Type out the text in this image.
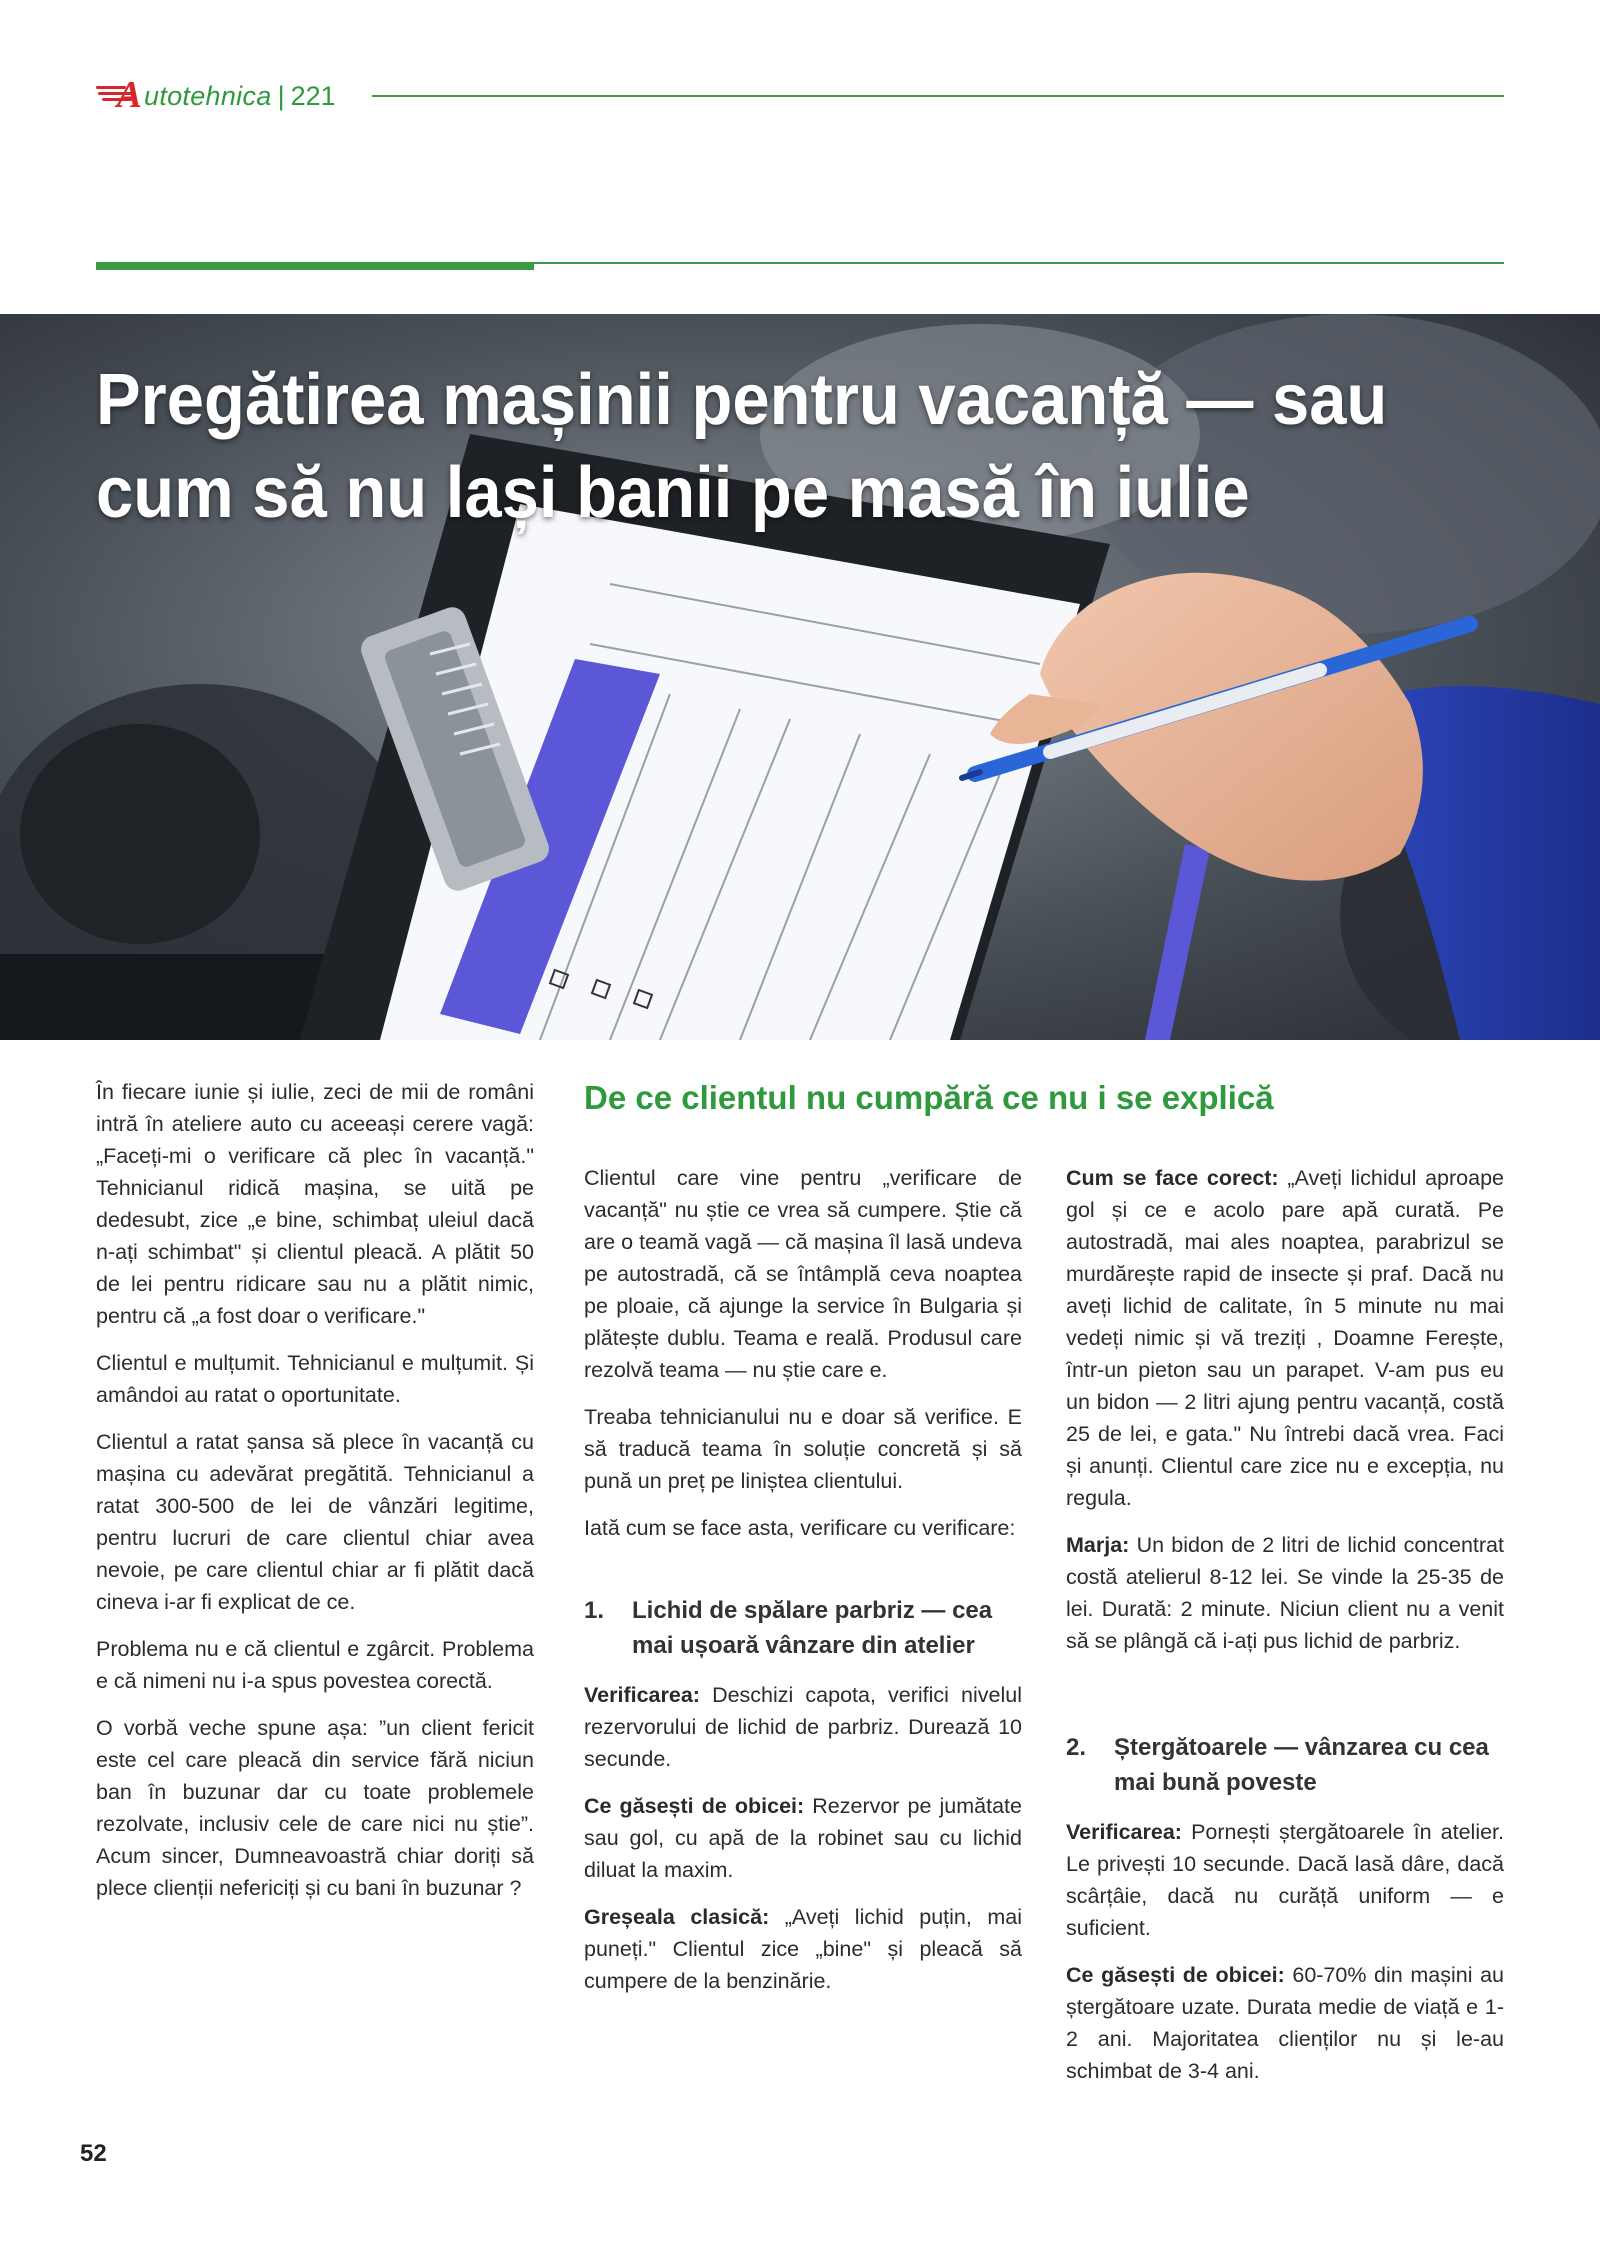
A utotehnica | 221
Pregătirea mașinii pentru vacanță — sau cum să nu lași banii pe masă în iulie

În fiecare iunie și iulie, zeci de mii de români intră în ateliere auto cu aceeași cerere vagă: „Faceți-mi o verificare că plec în vacanță." Tehnicianul ridică mașina, se uită pe dedesubt, zice „e bine, schimbaț uleiul dacă n-ați schimbat" și clientul pleacă. A plătit 50 de lei pentru ridicare sau nu a plătit nimic, pentru că „a fost doar o verificare."

Clientul e mulțumit. Tehnicianul e mulțumit. Și amândoi au ratat o oportunitate.

Clientul a ratat șansa să plece în vacanță cu mașina cu adevărat pregătită. Tehnicianul a ratat 300-500 de lei de vânzări legitime, pentru lucruri de care clientul chiar avea nevoie, pe care clientul chiar ar fi plătit dacă cineva i-ar fi explicat de ce.

Problema nu e că clientul e zgârcit. Problema e că nimeni nu i-a spus povestea corectă.

O vorbă veche spune așa: ”un client fericit este cel care pleacă din service fără niciun ban în buzunar dar cu toate problemele rezolvate, inclusiv cele de care nici nu știe”. Acum sincer, Dumneavoastră chiar doriți să plece clienții nefericiți și cu bani în buzunar ?

De ce clientul nu cumpără ce nu i se explică

Clientul care vine pentru „verificare de vacanță" nu știe ce vrea să cumpere. Știe că are o teamă vagă — că mașina îl lasă undeva pe autostradă, că se întâmplă ceva noaptea pe ploaie, că ajunge la service în Bulgaria și plătește dublu. Teama e reală. Produsul care rezolvă teama — nu știe care e.

Treaba tehnicianului nu e doar să verifice. E să traducă teama în soluție concretă și să pună un preț pe liniștea clientului.

Iată cum se face asta, verificare cu verificare:

1.	Lichid de spălare parbriz — cea mai ușoară vânzare din atelier

Verificarea: Deschizi capota, verifici nivelul rezervorului de lichid de parbriz. Durează 10 secunde.

Ce găsești de obicei: Rezervor pe jumătate sau gol, cu apă de la robinet sau cu lichid diluat la maxim.

Greșeala clasică: „Aveți lichid puțin, mai puneți." Clientul zice „bine" și pleacă să cumpere de la benzinărie.

Cum se face corect: „Aveți lichidul aproape gol și ce e acolo pare apă curată. Pe autostradă, mai ales noaptea, parabrizul se murdărește rapid de insecte și praf. Dacă nu aveți lichid de calitate, în 5 minute nu mai vedeți nimic și vă treziți , Doamne Ferește, într-un pieton sau un parapet. V-am pus eu un bidon — 2 litri ajung pentru vacanță, costă 25 de lei, e gata." Nu întrebi dacă vrea. Faci și anunți. Clientul care zice nu e excepția, nu regula.

Marja: Un bidon de 2 litri de lichid concentrat costă atelierul 8-12 lei. Se vinde la 25-35 de lei. Durată: 2 minute. Niciun client nu a venit să se plângă că i-ați pus lichid de parbriz.

2.	Ștergătoarele — vânzarea cu cea mai bună poveste

Verificarea: Pornești ștergătoarele în atelier. Le privești 10 secunde. Dacă lasă dâre, dacă scârțâie, dacă nu curăță uniform — e suficient.

Ce găsești de obicei: 60-70% din mașini au ștergătoare uzate. Durata medie de viață e 1-2 ani. Majoritatea clienților nu și le-au schimbat de 3-4 ani.

52
